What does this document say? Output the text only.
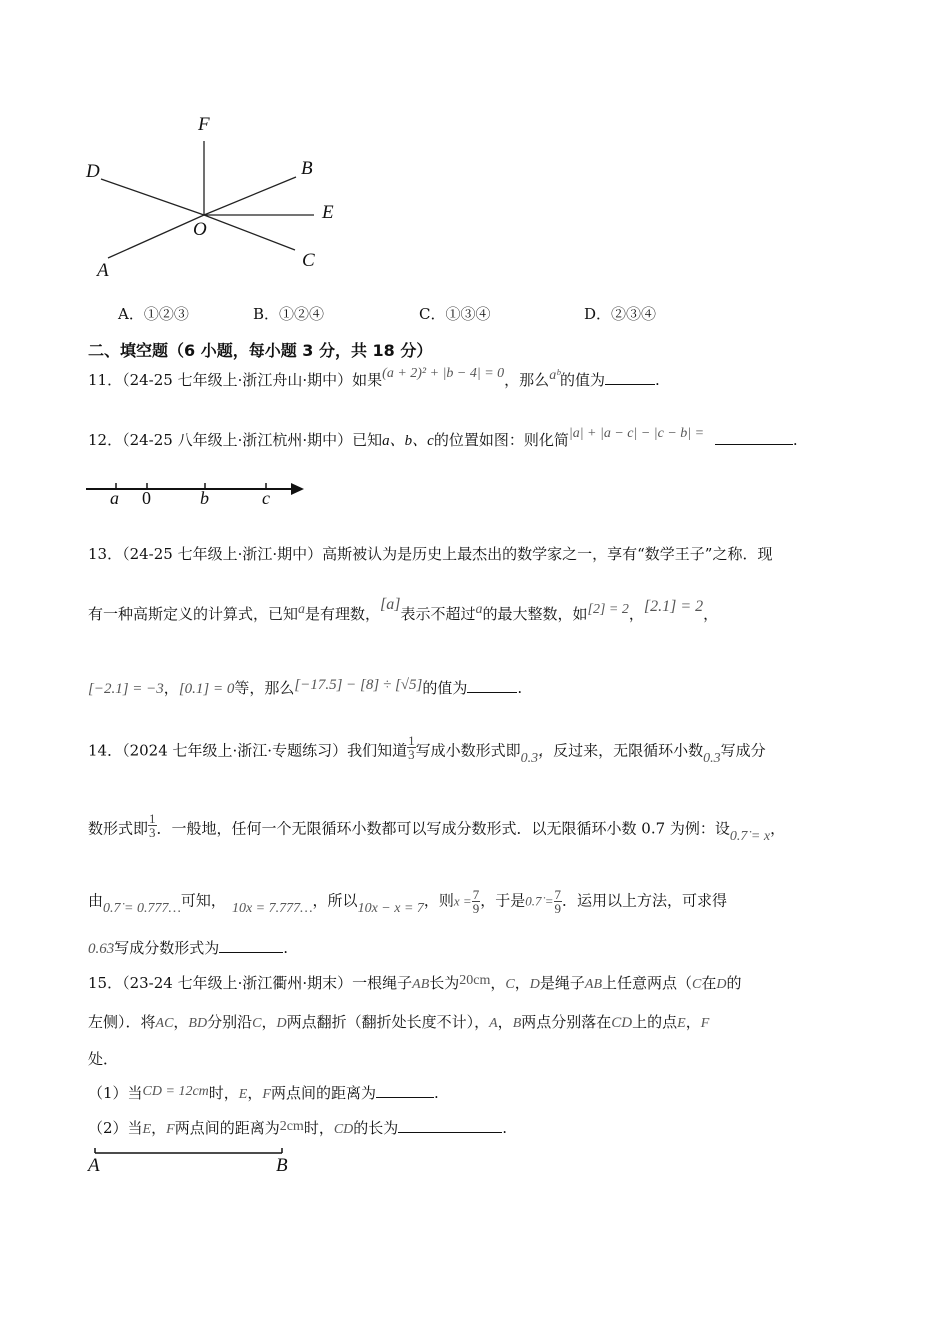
F
D	B
E
O
A	C
A．①②③	B．①②④	C．①③④	D．②③④
二、填空题（6 小题，每小题 3 分，共 18 分）
11．（24-25 七年级上·浙江舟山·期中）如果(a + 2)² + |b − 4| = 0，那么aᵇ的值为	.
12．（24-25 八年级上·浙江杭州·期中）已知a、b、c的位置如图：则化简|a| + |a − c| − |c − b| =	.
a 0	b	c
13．（24-25 七年级上·浙江·期中）高斯被认为是历史上最杰出的数学家之一，享有“数学王子”之称．现
有一种高斯定义的计算式，已知a是有理数，[a]表示不超过a的最大整数，如[2] = 2，[2.1] = 2，
[−2.1] = −3，[0.1] = 0等，那么[−17.5] − [8] ÷ [√5]的值为	.
14．（2024 七年级上·浙江·专题练习）我们知道 $\frac{1}{3}$ 写成小数形式即0.3̇，反过来，无限循环小数0.3̇写成分
数形式即 $\frac{1}{3}$ ．一般地，任何一个无限循环小数都可以写成分数形式．以无限循环小数 0.7 为例：设0.7̇ = x，
由0.7̇ = 0.777…可知， 10x = 7.777…，所以10x − x = 7，则$x = \frac{7}{9}$ ，于是0.7̇ = $\frac{7}{9}$ ．运用以上方法，可求得
0.6̇3̇写成分数形式为	.
15．（23-24 七年级上·浙江衢州·期末）一根绳子AB长为20cm，C，D是绳子AB上任意两点（C在D的
左侧）．将AC，BD分别沿C，D两点翻折（翻折处长度不计），A，B两点分别落在CD上的点E，F
处．
（1）当CD = 12cm时，E，F两点间的距离为	.
（2）当E，F两点间的距离为2cm时，CD的长为	.
A	B
